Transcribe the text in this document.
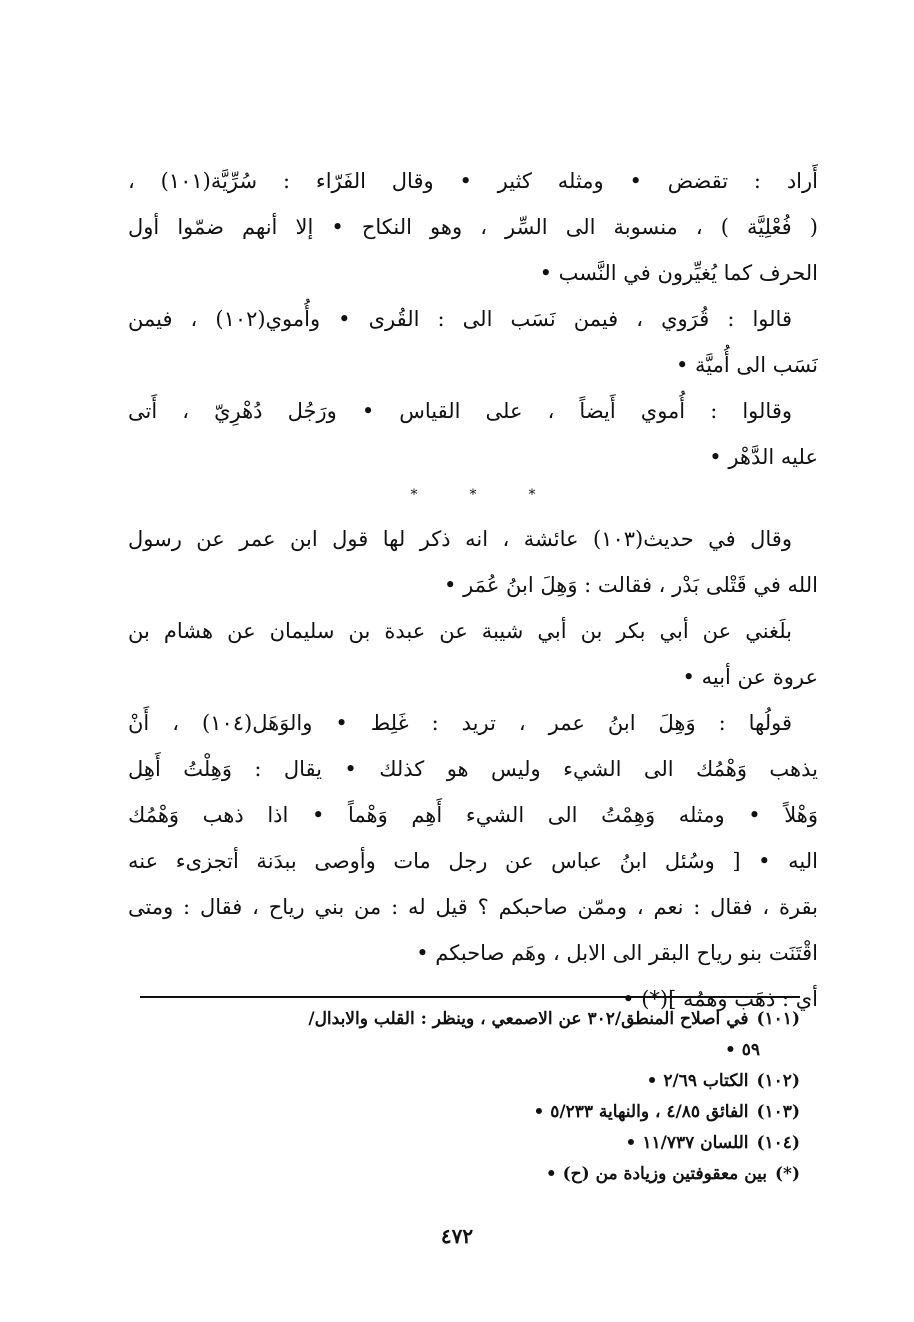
أَراد : تقضض • ومثله كثير • وقال الفَرّاء : سُرِّيَّة(١٠١) ،
( فُعْلِيَّة ) ، منسوبة الى السِّر ، وهو النكاح • إلا أنهم ضمّوا أول
الحرف كما يُغيِّرون في النَّسب •
قالوا : قُرَوي ، فيمن نَسَب الى : القُرى • وأُموي(١٠٢) ، فيمن
نَسَب الى أُميَّة •
وقالوا : أُموي أَيضاً ، على القياس • ورَجُل دُهْرِيّ ، أَتى
عليه الدَّهْر •
*
*
*
وقال في حديث(١٠٣) عائشة ، انه ذكر لها قول ابن عمر عن رسول
الله في قَتْلى بَدْر ، فقالت : وَهِلَ ابنُ عُمَر •
بلَغني عن أبي بكر بن أبي شيبة عن عبدة بن سليمان عن هشام بن
عروة عن أبيه •
قولُها : وَهِلَ ابنُ عمر ، تريد : غَلِط • والوَهَل(١٠٤) ، أَنْ
يذهب وَهْمُك الى الشيء وليس هو كذلك • يقال : وَهِلْتُ أَهِل
وَهْلاً • ومثله وَهِمْتُ الى الشيء أَهِم وَهْماً • اذا ذهب وَهْمُك
اليه • [ وسُئل ابنُ عباس عن رجل مات وأوصى ببدَنة أتجزىء عنه
بقرة ، فقال : نعم ، وممّن صاحبكم ؟ قيل له : من بني رياح ، فقال : ومتى
اقْتَنَت بنو رياح البقر الى الابل ، وهَم صاحبكم •
أي : ذهَب وهمُه ](*) •
(١٠١)في اصلاح المنطق/٣٠٢ عن الاصمعي ، وينظر : القلب والابدال/
٥٩ •
(١٠٢)الكتاب ٢/٦٩ •
(١٠٣)الفائق ٤/٨٥ ، والنهاية ٥/٢٣٣ •
(١٠٤)اللسان ١١/٧٣٧ •
(*)بين معقوفتين وزيادة من (ح) •
٤٧٢
